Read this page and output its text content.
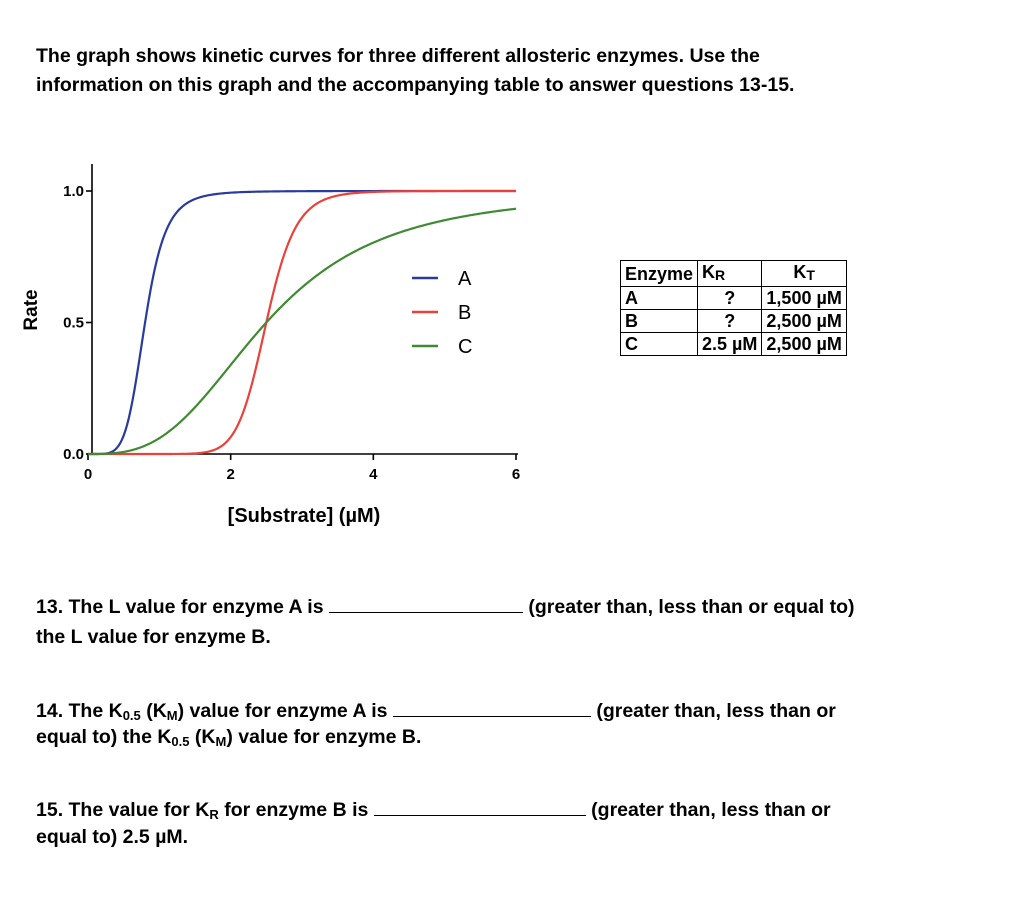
The graph shows kinetic curves for three different allosteric enzymes. Use the
information on this graph and the accompanying table to answer questions 13-15.
0.0
0.5
1.0
0	2	4	6
[Substrate] (µM)
Rate
A
B
C
Enzyme	KR	KT
A	?	1,500 µM
B	?	2,500 µM
C	2.5 µM	2,500 µM
13. The L value for enzyme A is	(greater than, less than or equal to)
the L value for enzyme B.
14. The $K_{0.5}$ $(K_M)$ value for enzyme A is	(greater than, less than or
equal to) the $K_{0.5}$ $(K_M)$ value for enzyme B.
15. The value for $K_R$ for enzyme B is	(greater than, less than or
equal to) 2.5 µM.
